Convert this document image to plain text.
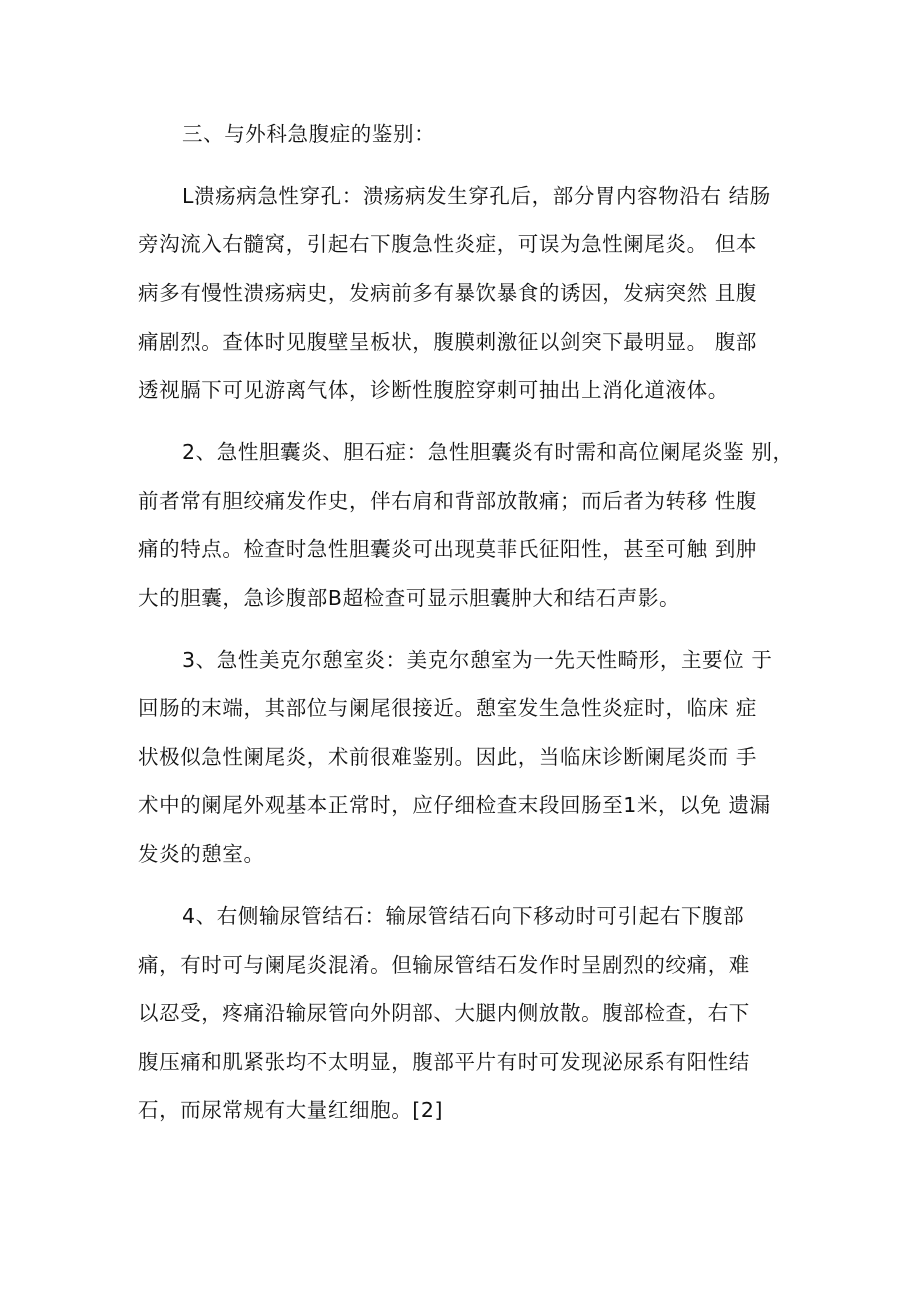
三、与外科急腹症的鉴别：
L溃疡病急性穿孔：溃疡病发生穿孔后，部分胃内容物沿右 结肠
旁沟流入右髓窝，引起右下腹急性炎症，可误为急性阑尾炎。 但本
病多有慢性溃疡病史，发病前多有暴饮暴食的诱因，发病突然 且腹
痛剧烈。查体时见腹壁呈板状，腹膜刺激征以剑突下最明显。 腹部
透视膈下可见游离气体，诊断性腹腔穿刺可抽出上消化道液体。
2、急性胆囊炎、胆石症：急性胆囊炎有时需和高位阑尾炎鉴 别，
前者常有胆绞痛发作史，伴右肩和背部放散痛；而后者为转移 性腹
痛的特点。检查时急性胆囊炎可出现莫菲氏征阳性，甚至可触 到肿
大的胆囊，急诊腹部B超检查可显示胆囊肿大和结石声影。
3、急性美克尔憩室炎：美克尔憩室为一先天性畸形，主要位 于
回肠的末端，其部位与阑尾很接近。憩室发生急性炎症时，临床 症
状极似急性阑尾炎，术前很难鉴别。因此，当临床诊断阑尾炎而 手
术中的阑尾外观基本正常时，应仔细检查末段回肠至1米，以免 遗漏
发炎的憩室。
4、右侧输尿管结石：输尿管结石向下移动时可引起右下腹部
痛，有时可与阑尾炎混淆。但输尿管结石发作时呈剧烈的绞痛，难
以忍受，疼痛沿输尿管向外阴部、大腿内侧放散。腹部检查，右下
腹压痛和肌紧张均不太明显，腹部平片有时可发现泌尿系有阳性结
石，而尿常规有大量红细胞。[2]
